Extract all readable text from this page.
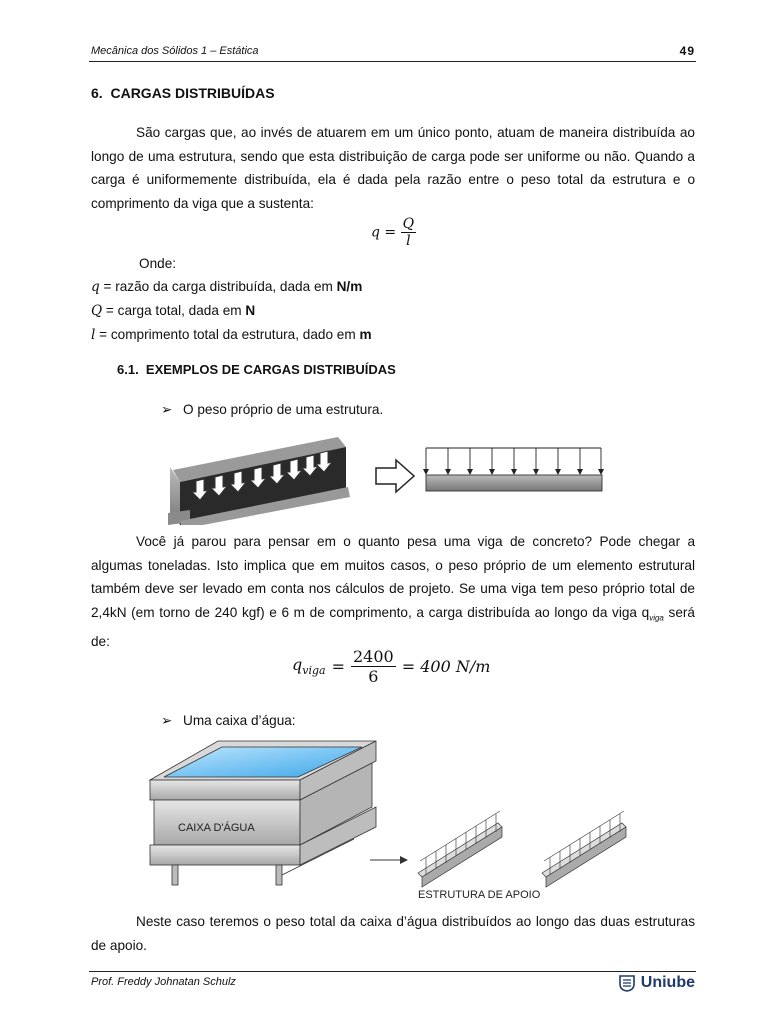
Mecânica dos Sólidos 1 – Estática	49
6. CARGAS DISTRIBUÍDAS

São cargas que, ao invés de atuarem em um único ponto, atuam de maneira distribuída ao longo de uma estrutura, sendo que esta distribuição de carga pode ser uniforme ou não. Quando a carga é uniformemente distribuída, ela é dada pela razão entre o peso total da estrutura e o comprimento da viga que a sustenta:

$q = \frac{Q}{l}$
Onde:
q = razão da carga distribuída, dada em N/m
Q = carga total, dada em N
l = comprimento total da estrutura, dado em m
6.1. EXEMPLOS DE CARGAS DISTRIBUÍDAS
➢ O peso próprio de uma estrutura.

Você já parou para pensar em o quanto pesa uma viga de concreto? Pode chegar a algumas toneladas. Isto implica que em muitos casos, o peso próprio de um elemento estrutural também deve ser levado em conta nos cálculos de projeto. Se uma viga tem peso próprio total de 2,4kN (em torno de 240 kgf) e 6 m de comprimento, a carga distribuída ao longo da viga $q_{viga}$ será de:

$q_{viga} = \frac{2400}{6} = 400$ N/m
➢ Uma caixa d’água:
CAIXA D'ÁGUA
ESTRUTURA DE APOIO

Neste caso teremos o peso total da caixa d’água distribuídos ao longo das duas estruturas de apoio.

Prof. Freddy Johnatan Schulz	Uniube
